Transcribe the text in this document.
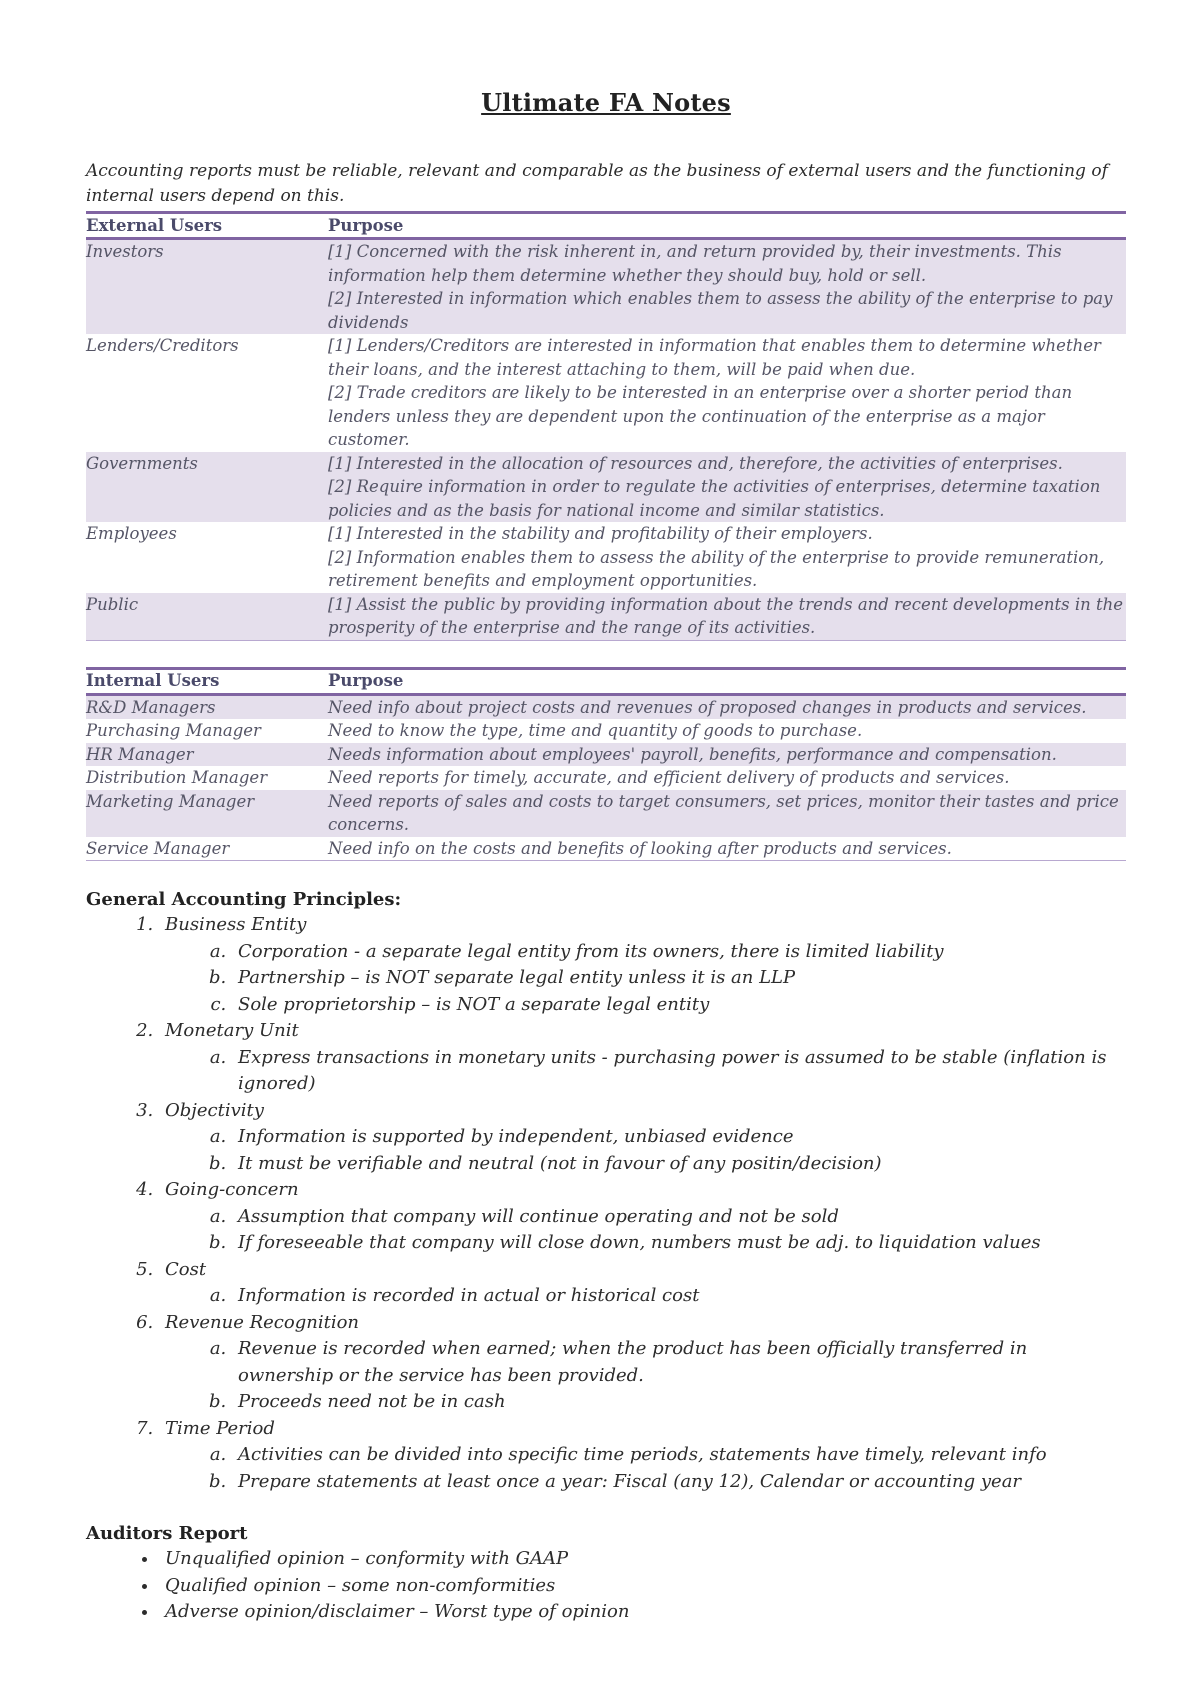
Ultimate FA Notes
Accounting reports must be reliable, relevant and comparable as the business of external users and the functioning of internal users depend on this.
External Users	Purpose
Investors	[1] Concerned with the risk inherent in, and return provided by, their investments. This information help them determine whether they should buy, hold or sell.
[2] Interested in information which enables them to assess the ability of the enterprise to pay dividends

Lenders/Creditors	[1] Lenders/Creditors are interested in information that enables them to determine whether their loans, and the interest attaching to them, will be paid when due.
[2] Trade creditors are likely to be interested in an enterprise over a shorter period than lenders unless they are dependent upon the continuation of the enterprise as a major customer.

Governments	[1] Interested in the allocation of resources and, therefore, the activities of enterprises.
[2] Require information in order to regulate the activities of enterprises, determine taxation policies and as the basis for national income and similar statistics.

Employees	[1] Interested in the stability and profitability of their employers.
[2] Information enables them to assess the ability of the enterprise to provide remuneration, retirement benefits and employment opportunities.

Public	[1] Assist the public by providing information about the trends and recent developments in the prosperity of the enterprise and the range of its activities.
Internal Users	Purpose
R&D Managers	Need info about project costs and revenues of proposed changes in products and services.
Purchasing Manager	Need to know the type, time and quantity of goods to purchase.
HR Manager	Needs information about employees' payroll, benefits, performance and compensation.
Distribution Manager	Need reports for timely, accurate, and efficient delivery of products and services.
Marketing Manager	Need reports of sales and costs to target consumers, set prices, monitor their tastes and price concerns.
Service Manager	Need info on the costs and benefits of looking after products and services.
General Accounting Principles:
1. Business Entity
a. Corporation - a separate legal entity from its owners, there is limited liability
b. Partnership – is NOT separate legal entity unless it is an LLP
c. Sole proprietorship – is NOT a separate legal entity
2. Monetary Unit
a. Express transactions in monetary units - purchasing power is assumed to be stable (inflation is ignored)
3. Objectivity
a. Information is supported by independent, unbiased evidence
b. It must be verifiable and neutral (not in favour of any positin/decision)
4. Going-concern
a. Assumption that company will continue operating and not be sold
b. If foreseeable that company will close down, numbers must be adj. to liquidation values
5. Cost
a. Information is recorded in actual or historical cost
6. Revenue Recognition
a. Revenue is recorded when earned; when the product has been officially transferred in ownership or the service has been provided.
b. Proceeds need not be in cash
7. Time Period
a. Activities can be divided into specific time periods, statements have timely, relevant info
b. Prepare statements at least once a year: Fiscal (any 12), Calendar or accounting year
Auditors Report
• Unqualified opinion – conformity with GAAP
• Qualified opinion – some non-comformities
• Adverse opinion/disclaimer – Worst type of opinion
